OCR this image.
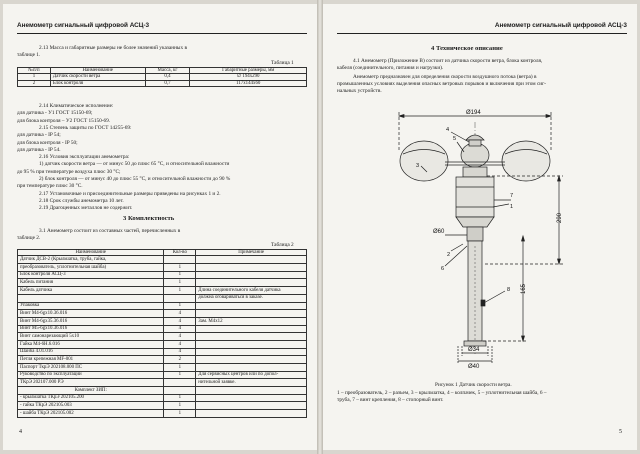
Анемометр сигнальный цифровой АСЦ-3
2.13 Масса и габаритные размеры не более значений указанных в
таблице 1.
Таблица 1
№п/п	Наименование	Масса, кг	Габаритные размеры, мм
1	Датчик скорости ветра	0,4	∅ 194x290
2	Блок контроля	0,7	117x144x60
2.14 Климатическое исполнение:
для датчика - У1 ГОСТ 15150-69;
для блока контроля – У2 ГОСТ 15150-69.
2.15 Степень защиты по ГОСТ 14255-69:
для датчика - IP 54;
для блока контроля - IP 50;
для датчика - IP 54.
2.16 Условия эксплуатации анемометра:
1) датчик скорости ветра — от минус 50 до плюс 65 °С, и относительной влажности
до 95 % при температуре воздуха плюс 30 °С;
2) блок контроля — от минус 40 до плюс 55 °С, и относительной влажности до 90 %
при температуре плюс 30 °С.
2.17 Установочные и присоединительные размеры приведены на рисунках 1 и 2.
2.18 Срок службы анемометра 10 лет.
2.19 Драгоценных металлов не содержит.
3 Комплектность
3.1 Анемометр состоит из составных частей, перечисленных в
таблице 2.
Таблица 2
Наименование	Кол-во	Примечание
Датчик ДСВ-2 (Крыльчатка, труба, гайка,		
преобразователь, уплотнительная шайба)	1	
Блок контроля АСЦ-3	1	
Кабель питания	1	
Кабель датчика	1	Длина соединительного кабеля датчика
		должна оговариваться в заказе.
Упаковка	1	
Винт М4-6gx10.36.016	4	
Винт М4-6gx35.36.016	4	Зам. М4х12
Винт М5-6gx10.36.016	4	
Винт самонарезающий 5x10	4	
Гайка М4-6Н.6.016	4	
Шайба 4.01.016	4	
Петля крепежная МF-001	2	
Паспорт ТкрЭ 202108.000 ПС	1	
Руководство по эксплуатации	1	Для сервисных центров или по допол-
ТКрЭ 202107.000 РЭ		нительной заявке.
Комплект ЗИП:		
- крыльчатка ТКрЭ 202105.200	1	
- гайка ТКрЭ 202105.003	1	
- шайба ТКрЭ 202105.002	1	
4
Анемометр сигнальный цифровой АСЦ-3
4 Техническое описание
4.1 Анемометр (Приложение В) состоит из датчика скорости ветра, блока контроля,
кабеля (соединительного, питания и нагрузки).
Анемометр предназначен для определения скорости воздушного потока (ветра) в
промышленных условиях выделения опасных ветровых порывов и включения при этом сиг-
нальных устройств.
Ø194
290
165
Ø60
Ø34
Ø40
4
5
3
7
1
6
2
8
Рисунок 1 Датчик скорости ветра.
1 – преобразователь, 2 – разъем, 3 – крыльчатка, 4 – колпачек, 5 – уплотнительная шайба, 6 –
труба, 7 – винт крепления, 8 – стопорный винт.
5
